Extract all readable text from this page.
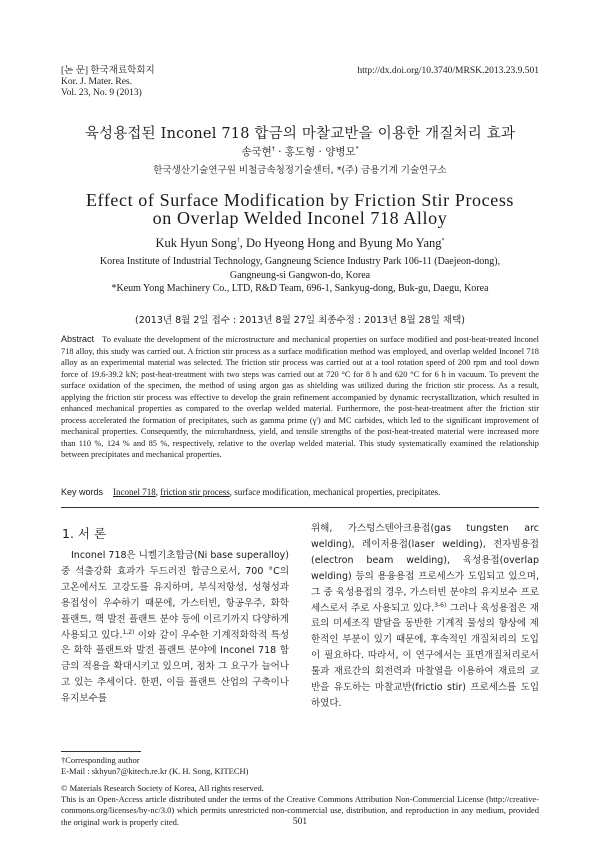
[논 문] 한국재료학회지
Kor. J. Mater. Res.
Vol. 23, No. 9 (2013)
http://dx.doi.org/10.3740/MRSK.2013.23.9.501
육성용접된 Inconel 718 합금의 마찰교반을 이용한 개질처리 효과
송국현† · 홍도형 · 양병모*
한국생산기술연구원 비철금속청정기술센터, *(주) 금용기계 기술연구소
Effect of Surface Modification by Friction Stir Process
on Overlap Welded Inconel 718 Alloy
Kuk Hyun Song†, Do Hyeong Hong and Byung Mo Yang*
Korea Institute of Industrial Technology, Gangneung Science Industry Park 106-11 (Daejeon-dong),
Gangneung-si Gangwon-do, Korea
*Keum Yong Machinery Co., LTD, R&D Team, 696-1, Sankyug-dong, Buk-gu, Daegu, Korea
(2013년 8월 2일 접수 : 2013년 8월 27일 최종수정 : 2013년 8월 28일 채택)
Abstract To evaluate the development of the microstructure and mechanical properties on surface modified and post-heat-treated Inconel 718 alloy, this study was carried out. A friction stir process as a surface modification method was employed, and overlap welded Inconel 718 alloy as an experimental material was selected. The friction stir process was carried out at a tool rotation speed of 200 rpm and tool down force of 19.6-39.2 kN; post-heat-treatment with two steps was carried out at 720 °C for 8 h and 620 °C for 6 h in vacuum. To prevent the surface oxidation of the specimen, the method of using argon gas as shielding was utilized during the friction stir process. As a result, applying the friction stir process was effective to develop the grain refinement accompanied by dynamic recrystallization, which resulted in enhanced mechanical properties as compared to the overlap welded material. Furthermore, the post-heat-treatment after the friction stir process accelerated the formation of precipitates, such as gamma prime (γ') and MC carbides, which led to the significant improvement of mechanical properties. Consequently, the microhardness, yield, and tensile strengths of the post-heat-treated material were increased more than 110 %, 124 % and 85 %, respectively, relative to the overlap welded material. This study systematically examined the relationship between precipitates and mechanical properties.
Key words Inconel 718, friction stir process, surface modification, mechanical properties, precipitates.
1. 서 론

Inconel 718은 니켈기초합금(Ni base superalloy) 중 석출강화 효과가 두드러진 합금으로서, 700 °C의 고온에서도 고강도를 유지하며, 부식저항성, 성형성과 용접성이 우수하기 때문에, 가스터빈, 항공우주, 화학 플랜트, 핵 발전 플랜트 분야 등에 이르기까지 다양하게 사용되고 있다.$^{1,2)}$ 이와 같이 우수한 기계적화학적 특성은 화학 플랜트와 발전 플랜트 분야에 Inconel 718 합금의 적용을 확대시키고 있으며, 점차 그 요구가 늘어나고 있는 추세이다. 한편, 이들 플랜트 산업의 구축이나 유지보수를

위해, 가스텅스텐아크용접(gas tungsten arc welding), 레이저용접(laser welding), 전자빔용접(electron beam welding), 육성용접(overlap welding) 등의 용융용접 프로세스가 도입되고 있으며, 그 중 육성용접의 경우, 가스터빈 분야의 유지보수 프로세스로서 주로 사용되고 있다.$^{3-6)}$ 그러나 육성용접은 재료의 미세조직 발달을 동반한 기계적 물성의 향상에 제한적인 부분이 있기 때문에, 후속적인 개질처리의 도입이 필요하다. 따라서, 이 연구에서는 표면개질처리로서 툴과 재료간의 회전력과 마찰열을 이용하여 재료의 교반을 유도하는 마찰교반(frictio stir) 프로세스를 도입하였다.

†Corresponding author
E-Mail : skhyun7@kitech.re.kr (K. H. Song, KITECH)
© Materials Research Society of Korea, All rights reserved.
This is an Open-Access article distributed under the terms of the Creative Commons Attribution Non-Commercial License (http://creative-commons.org/licenses/by-nc/3.0) which permits unrestricted non-commercial use, distribution, and reproduction in any medium, provided the original work is properly cited.	501
